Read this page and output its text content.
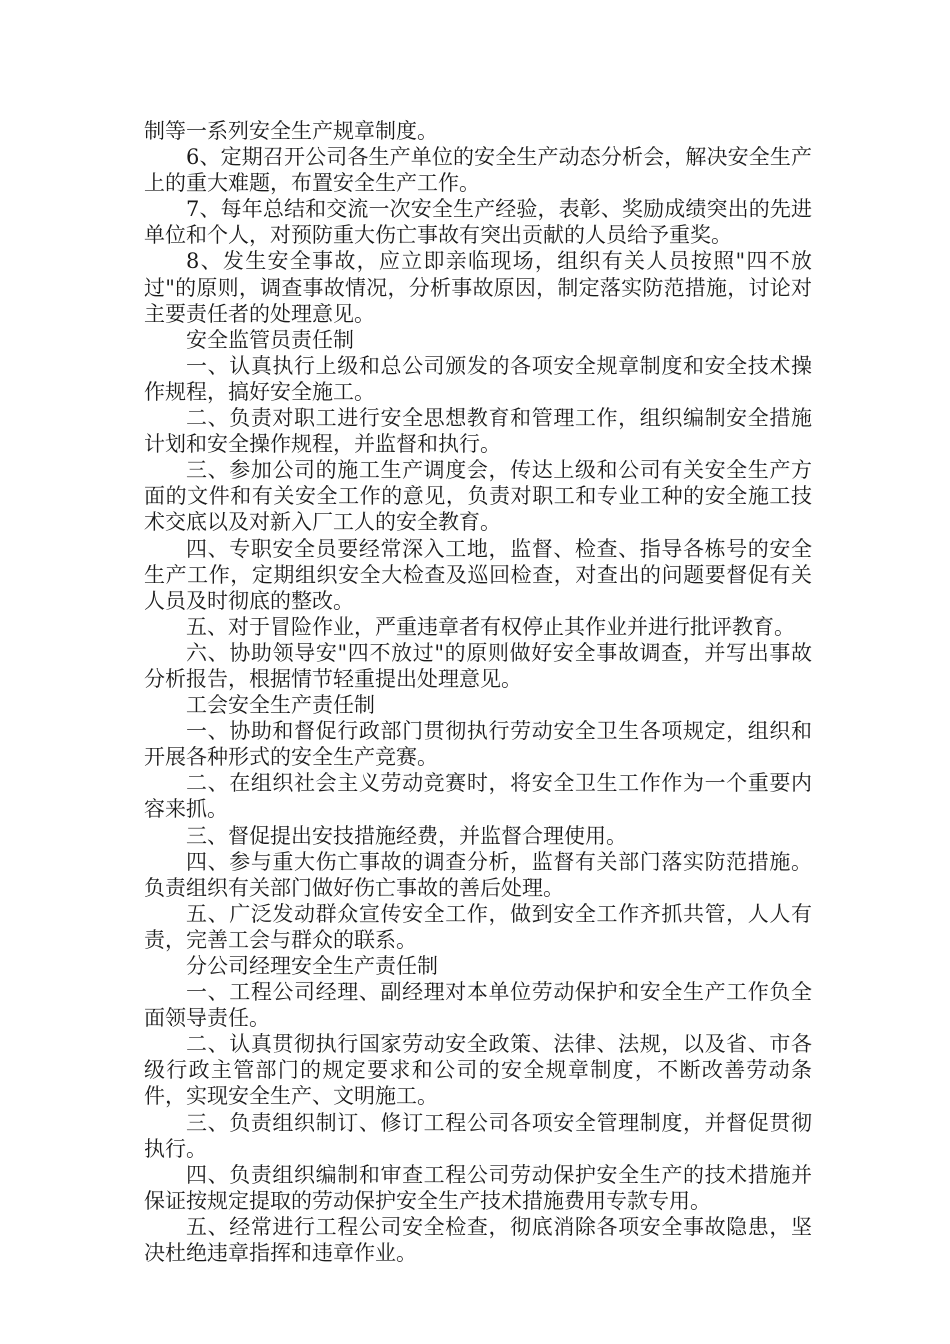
制等一系列安全生产规章制度。

6、定期召开公司各生产单位的安全生产动态分析会，解决安全生产上的重大难题，布置安全生产工作。

7、每年总结和交流一次安全生产经验，表彰、奖励成绩突出的先进单位和个人，对预防重大伤亡事故有突出贡献的人员给予重奖。

8、发生安全事故，应立即亲临现场，组织有关人员按照"四不放过"的原则，调查事故情况，分析事故原因，制定落实防范措施，讨论对主要责任者的处理意见。

安全监管员责任制

一、认真执行上级和总公司颁发的各项安全规章制度和安全技术操作规程，搞好安全施工。

二、负责对职工进行安全思想教育和管理工作，组织编制安全措施计划和安全操作规程，并监督和执行。

三、参加公司的施工生产调度会，传达上级和公司有关安全生产方面的文件和有关安全工作的意见，负责对职工和专业工种的安全施工技术交底以及对新入厂工人的安全教育。

四、专职安全员要经常深入工地，监督、检查、指导各栋号的安全生产工作，定期组织安全大检查及巡回检查，对查出的问题要督促有关人员及时彻底的整改。

五、对于冒险作业，严重违章者有权停止其作业并进行批评教育。

六、协助领导安"四不放过"的原则做好安全事故调查，并写出事故分析报告，根据情节轻重提出处理意见。

工会安全生产责任制

一、协助和督促行政部门贯彻执行劳动安全卫生各项规定，组织和开展各种形式的安全生产竞赛。

二、在组织社会主义劳动竞赛时，将安全卫生工作作为一个重要内容来抓。

三、督促提出安技措施经费，并监督合理使用。

四、参与重大伤亡事故的调查分析，监督有关部门落实防范措施。负责组织有关部门做好伤亡事故的善后处理。

五、广泛发动群众宣传安全工作，做到安全工作齐抓共管，人人有责，完善工会与群众的联系。

分公司经理安全生产责任制

一、工程公司经理、副经理对本单位劳动保护和安全生产工作负全面领导责任。

二、认真贯彻执行国家劳动安全政策、法律、法规，以及省、市各级行政主管部门的规定要求和公司的安全规章制度，不断改善劳动条件，实现安全生产、文明施工。

三、负责组织制订、修订工程公司各项安全管理制度，并督促贯彻执行。

四、负责组织编制和审查工程公司劳动保护安全生产的技术措施并保证按规定提取的劳动保护安全生产技术措施费用专款专用。

五、经常进行工程公司安全检查，彻底消除各项安全事故隐患，坚决杜绝违章指挥和违章作业。
